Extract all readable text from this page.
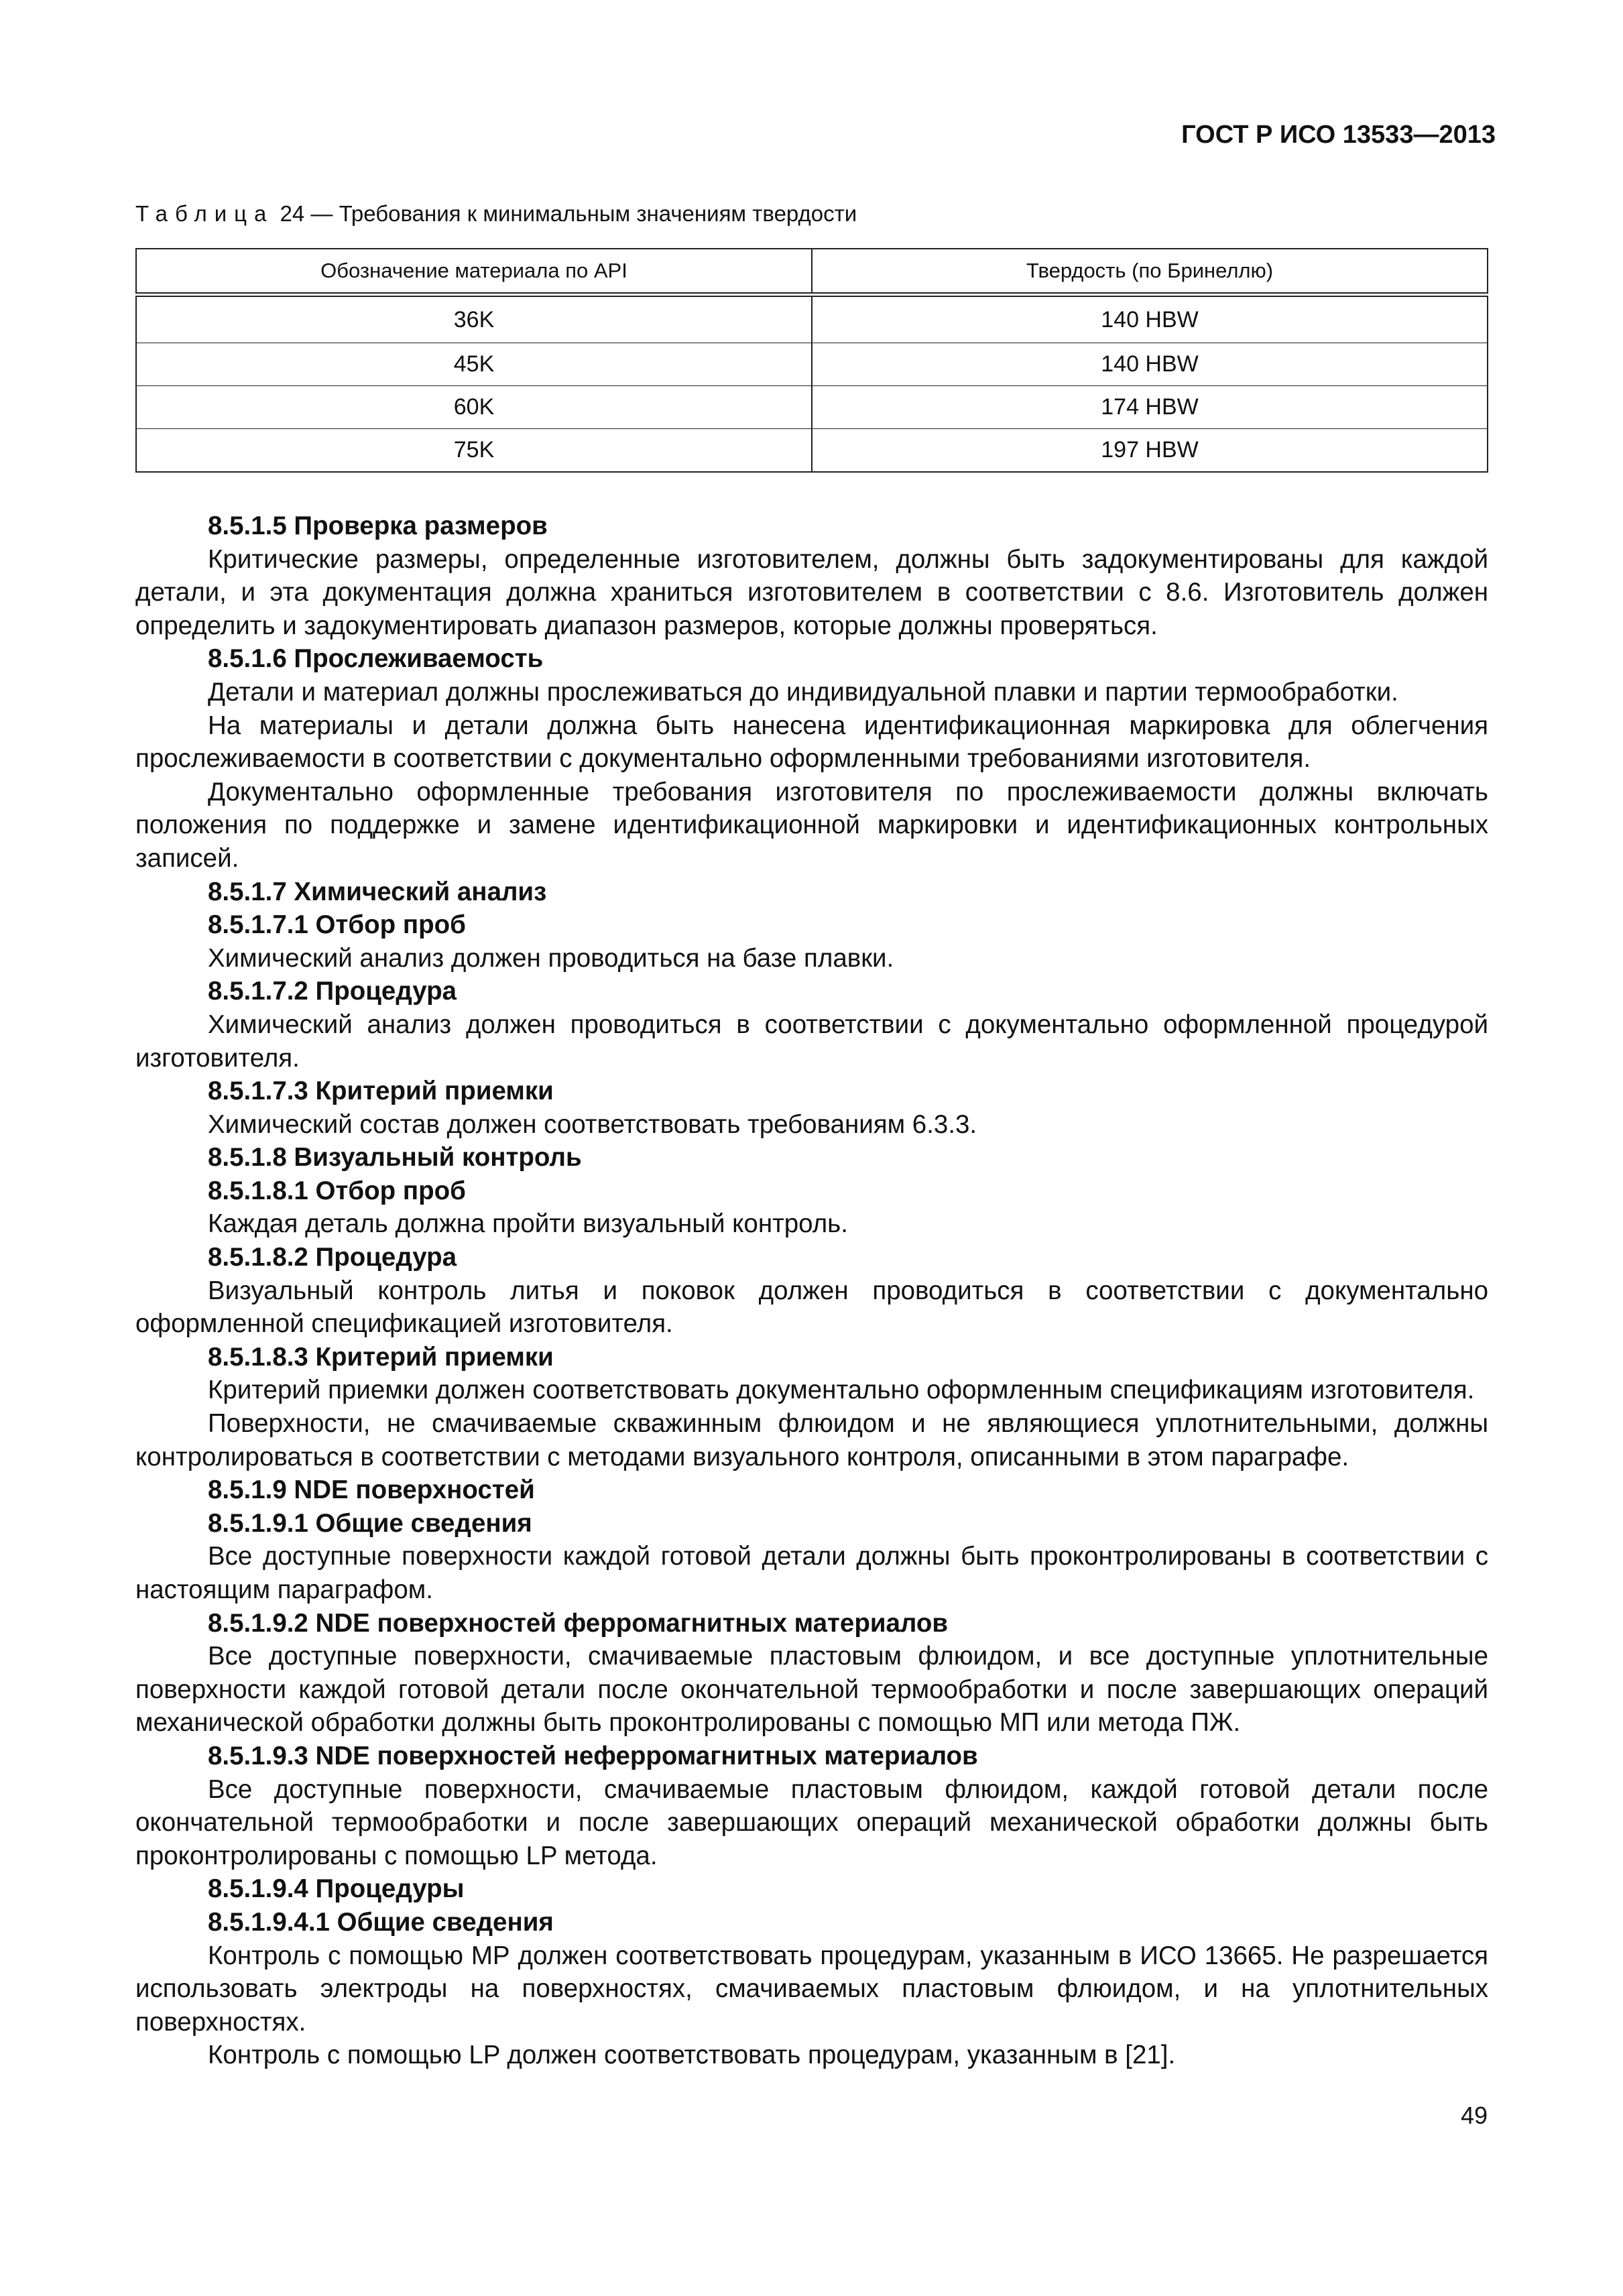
ГОСТ Р ИСО 13533—2013
Таблица 24 — Требования к минимальным значениям твердости
Обозначение материала по API	Твердость (по Бринеллю)
36K	140 HBW
45K	140 HBW
60K	174 HBW
75K	197 HBW
8.5.1.5 Проверка размеров

Критические размеры, определенные изготовителем, должны быть задокументированы для каждой детали, и эта документация должна храниться изготовителем в соответствии с 8.6. Изготовитель должен определить и задокументировать диапазон размеров, которые должны проверяться.

8.5.1.6 Прослеживаемость

Детали и материал должны прослеживаться до индивидуальной плавки и партии термообработки.

На материалы и детали должна быть нанесена идентификационная маркировка для облегчения прослеживаемости в соответствии с документально оформленными требованиями изготовителя.

Документально оформленные требования изготовителя по прослеживаемости должны включать положения по поддержке и замене идентификационной маркировки и идентификационных контрольных записей.

8.5.1.7 Химический анализ
8.5.1.7.1 Отбор проб

Химический анализ должен проводиться на базе плавки.

8.5.1.7.2 Процедура

Химический анализ должен проводиться в соответствии с документально оформленной процедурой изготовителя.

8.5.1.7.3 Критерий приемки

Химический состав должен соответствовать требованиям 6.3.3.

8.5.1.8 Визуальный контроль
8.5.1.8.1 Отбор проб

Каждая деталь должна пройти визуальный контроль.

8.5.1.8.2 Процедура

Визуальный контроль литья и поковок должен проводиться в соответствии с документально оформленной спецификацией изготовителя.

8.5.1.8.3 Критерий приемки

Критерий приемки должен соответствовать документально оформленным спецификациям изготовителя.

Поверхности, не смачиваемые скважинным флюидом и не являющиеся уплотнительными, должны контролироваться в соответствии с методами визуального контроля, описанными в этом параграфе.

8.5.1.9 NDE поверхностей
8.5.1.9.1 Общие сведения

Все доступные поверхности каждой готовой детали должны быть проконтролированы в соответствии с настоящим параграфом.

8.5.1.9.2 NDE поверхностей ферромагнитных материалов

Все доступные поверхности, смачиваемые пластовым флюидом, и все доступные уплотнительные поверхности каждой готовой детали после окончательной термообработки и после завершающих операций механической обработки должны быть проконтролированы с помощью МП или метода ПЖ.

8.5.1.9.3 NDE поверхностей неферромагнитных материалов

Все доступные поверхности, смачиваемые пластовым флюидом, каждой готовой детали после окончательной термообработки и после завершающих операций механической обработки должны быть проконтролированы с помощью LP метода.

8.5.1.9.4 Процедуры
8.5.1.9.4.1 Общие сведения

Контроль с помощью МР должен соответствовать процедурам, указанным в ИСО 13665. Не разрешается использовать электроды на поверхностях, смачиваемых пластовым флюидом, и на уплотнительных поверхностях.

Контроль с помощью LP должен соответствовать процедурам, указанным в [21].

49
